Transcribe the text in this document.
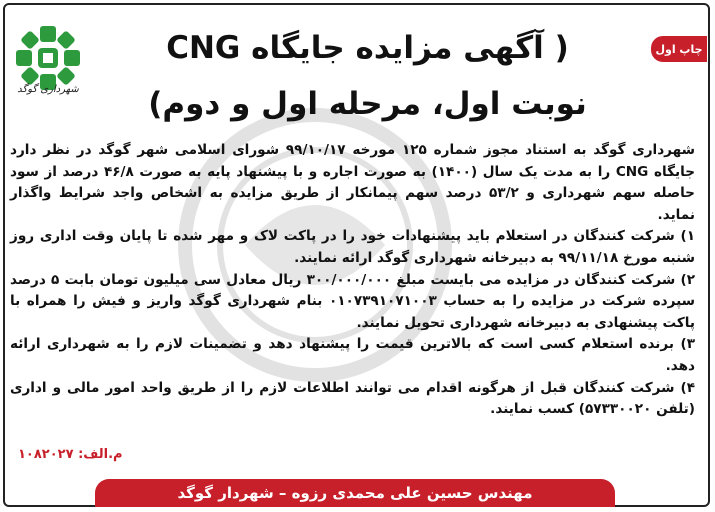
چاپ اول
شهرداری گوگد
( آگهی مزایده جایگاه CNG
نوبت اول، مرحله اول و دوم)

شهرداری گوگد به استناد مجوز شماره ۱۲۵ مورخه ۹۹/۱۰/۱۷ شورای اسلامی شهر گوگد در نظر دارد جایگاه CNG را به مدت یک سال (۱۴۰۰) به صورت اجاره و با پیشنهاد پایه به صورت ۴۶/۸ درصد از سود حاصله سهم شهرداری و ۵۳/۲ درصد سهم پیمانکار از طریق مزایده به اشخاص واجد شرایط واگذار نماید.

۱) شرکت کنندگان در استعلام باید پیشنهادات خود را در پاکت لاک و مهر شده تا پایان وقت اداری روز شنبه مورخ ۹۹/۱۱/۱۸ به دبیرخانه شهرداری گوگد ارائه نمایند.

۲) شرکت کنندگان در مزایده می بایست مبلغ ۳۰۰/۰۰۰/۰۰۰ ریال معادل سی میلیون تومان بابت ۵ درصد سپرده شرکت در مزایده را به حساب ۰۱۰۷۳۹۱۰۷۱۰۰۳ بنام شهرداری گوگد واریز و فیش را همراه با پاکت پیشنهادی به دبیرخانه شهرداری تحویل نمایند.

۳) برنده استعلام کسی است که بالاترین قیمت را پیشنهاد دهد و تضمینات لازم را به شهرداری ارائه دهد.

۴) شرکت کنندگان قبل از هرگونه اقدام می توانند اطلاعات لازم را از طریق واحد امور مالی و اداری (تلفن ۵۷۳۳۰۰۲۰) کسب نمایند.

م.الف: ۱۰۸۲۰۲۷
مهندس حسین علی محمدی رزوه – شهردار گوگد
